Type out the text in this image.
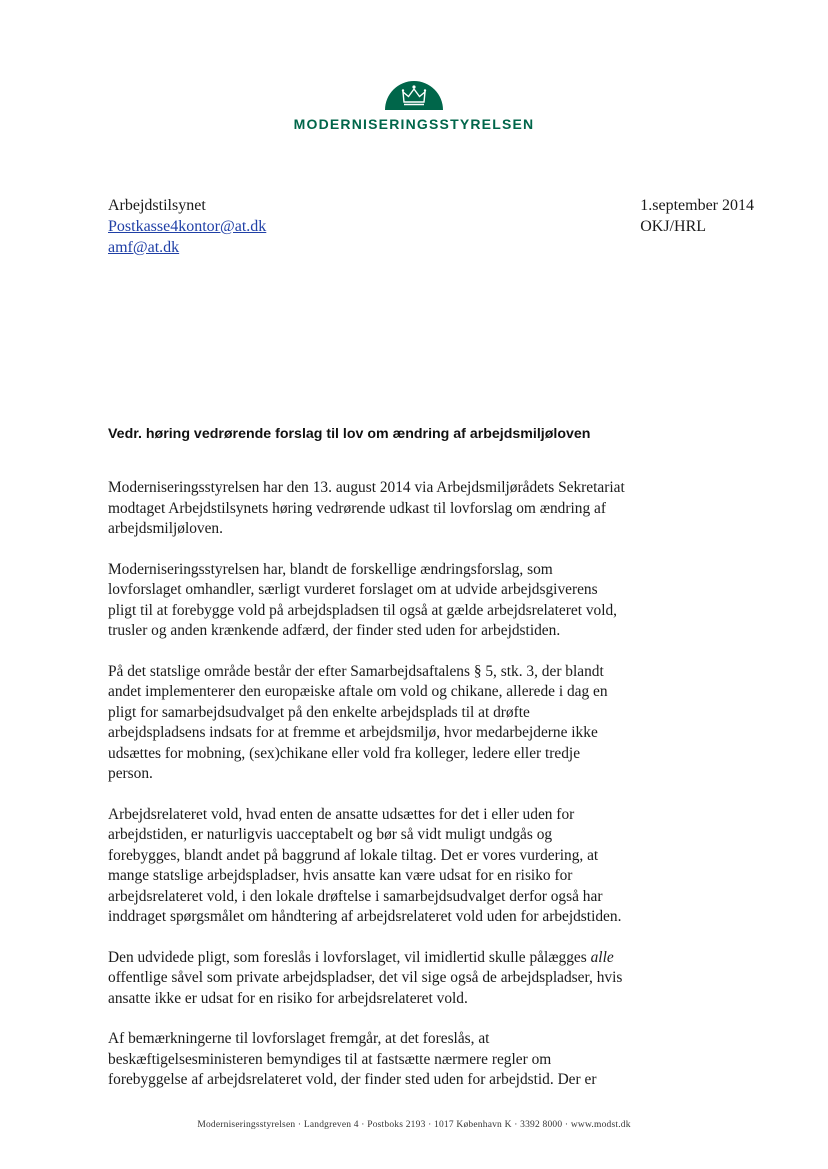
MODERNISERINGSSTYRELSEN
Arbejdstilsynet
Postkasse4kontor@at.dk
amf@at.dk
1.september 2014
OKJ/HRL
Vedr. høring vedrørende forslag til lov om ændring af arbejdsmiljøloven

Moderniseringsstyrelsen har den 13. august 2014 via Arbejdsmiljørådets Sekretariat modtaget Arbejdstilsynets høring vedrørende udkast til lovforslag om ændring af arbejdsmiljøloven.

Moderniseringsstyrelsen har, blandt de forskellige ændringsforslag, som lovforslaget omhandler, særligt vurderet forslaget om at udvide arbejdsgiverens pligt til at forebygge vold på arbejdspladsen til også at gælde arbejdsrelateret vold, trusler og anden krænkende adfærd, der finder sted uden for arbejdstiden.

På det statslige område består der efter Samarbejdsaftalens § 5, stk. 3, der blandt andet implementerer den europæiske aftale om vold og chikane, allerede i dag en pligt for samarbejdsudvalget på den enkelte arbejdsplads til at drøfte arbejdspladsens indsats for at fremme et arbejdsmiljø, hvor medarbejderne ikke udsættes for mobning, (sex)chikane eller vold fra kolleger, ledere eller tredje person.

Arbejdsrelateret vold, hvad enten de ansatte udsættes for det i eller uden for arbejdstiden, er naturligvis uacceptabelt og bør så vidt muligt undgås og forebygges, blandt andet på baggrund af lokale tiltag. Det er vores vurdering, at mange statslige arbejdspladser, hvis ansatte kan være udsat for en risiko for arbejdsrelateret vold, i den lokale drøftelse i samarbejdsudvalget derfor også har inddraget spørgsmålet om håndtering af arbejdsrelateret vold uden for arbejdstiden.

Den udvidede pligt, som foreslås i lovforslaget, vil imidlertid skulle pålægges alle offentlige såvel som private arbejdspladser, det vil sige også de arbejdspladser, hvis ansatte ikke er udsat for en risiko for arbejdsrelateret vold.

Af bemærkningerne til lovforslaget fremgår, at det foreslås, at beskæftigelsesministeren bemyndiges til at fastsætte nærmere regler om forebyggelse af arbejdsrelateret vold, der finder sted uden for arbejdstid. Der er

Moderniseringsstyrelsen · Landgreven 4 · Postboks 2193 · 1017 København K · 3392 8000 · www.modst.dk
